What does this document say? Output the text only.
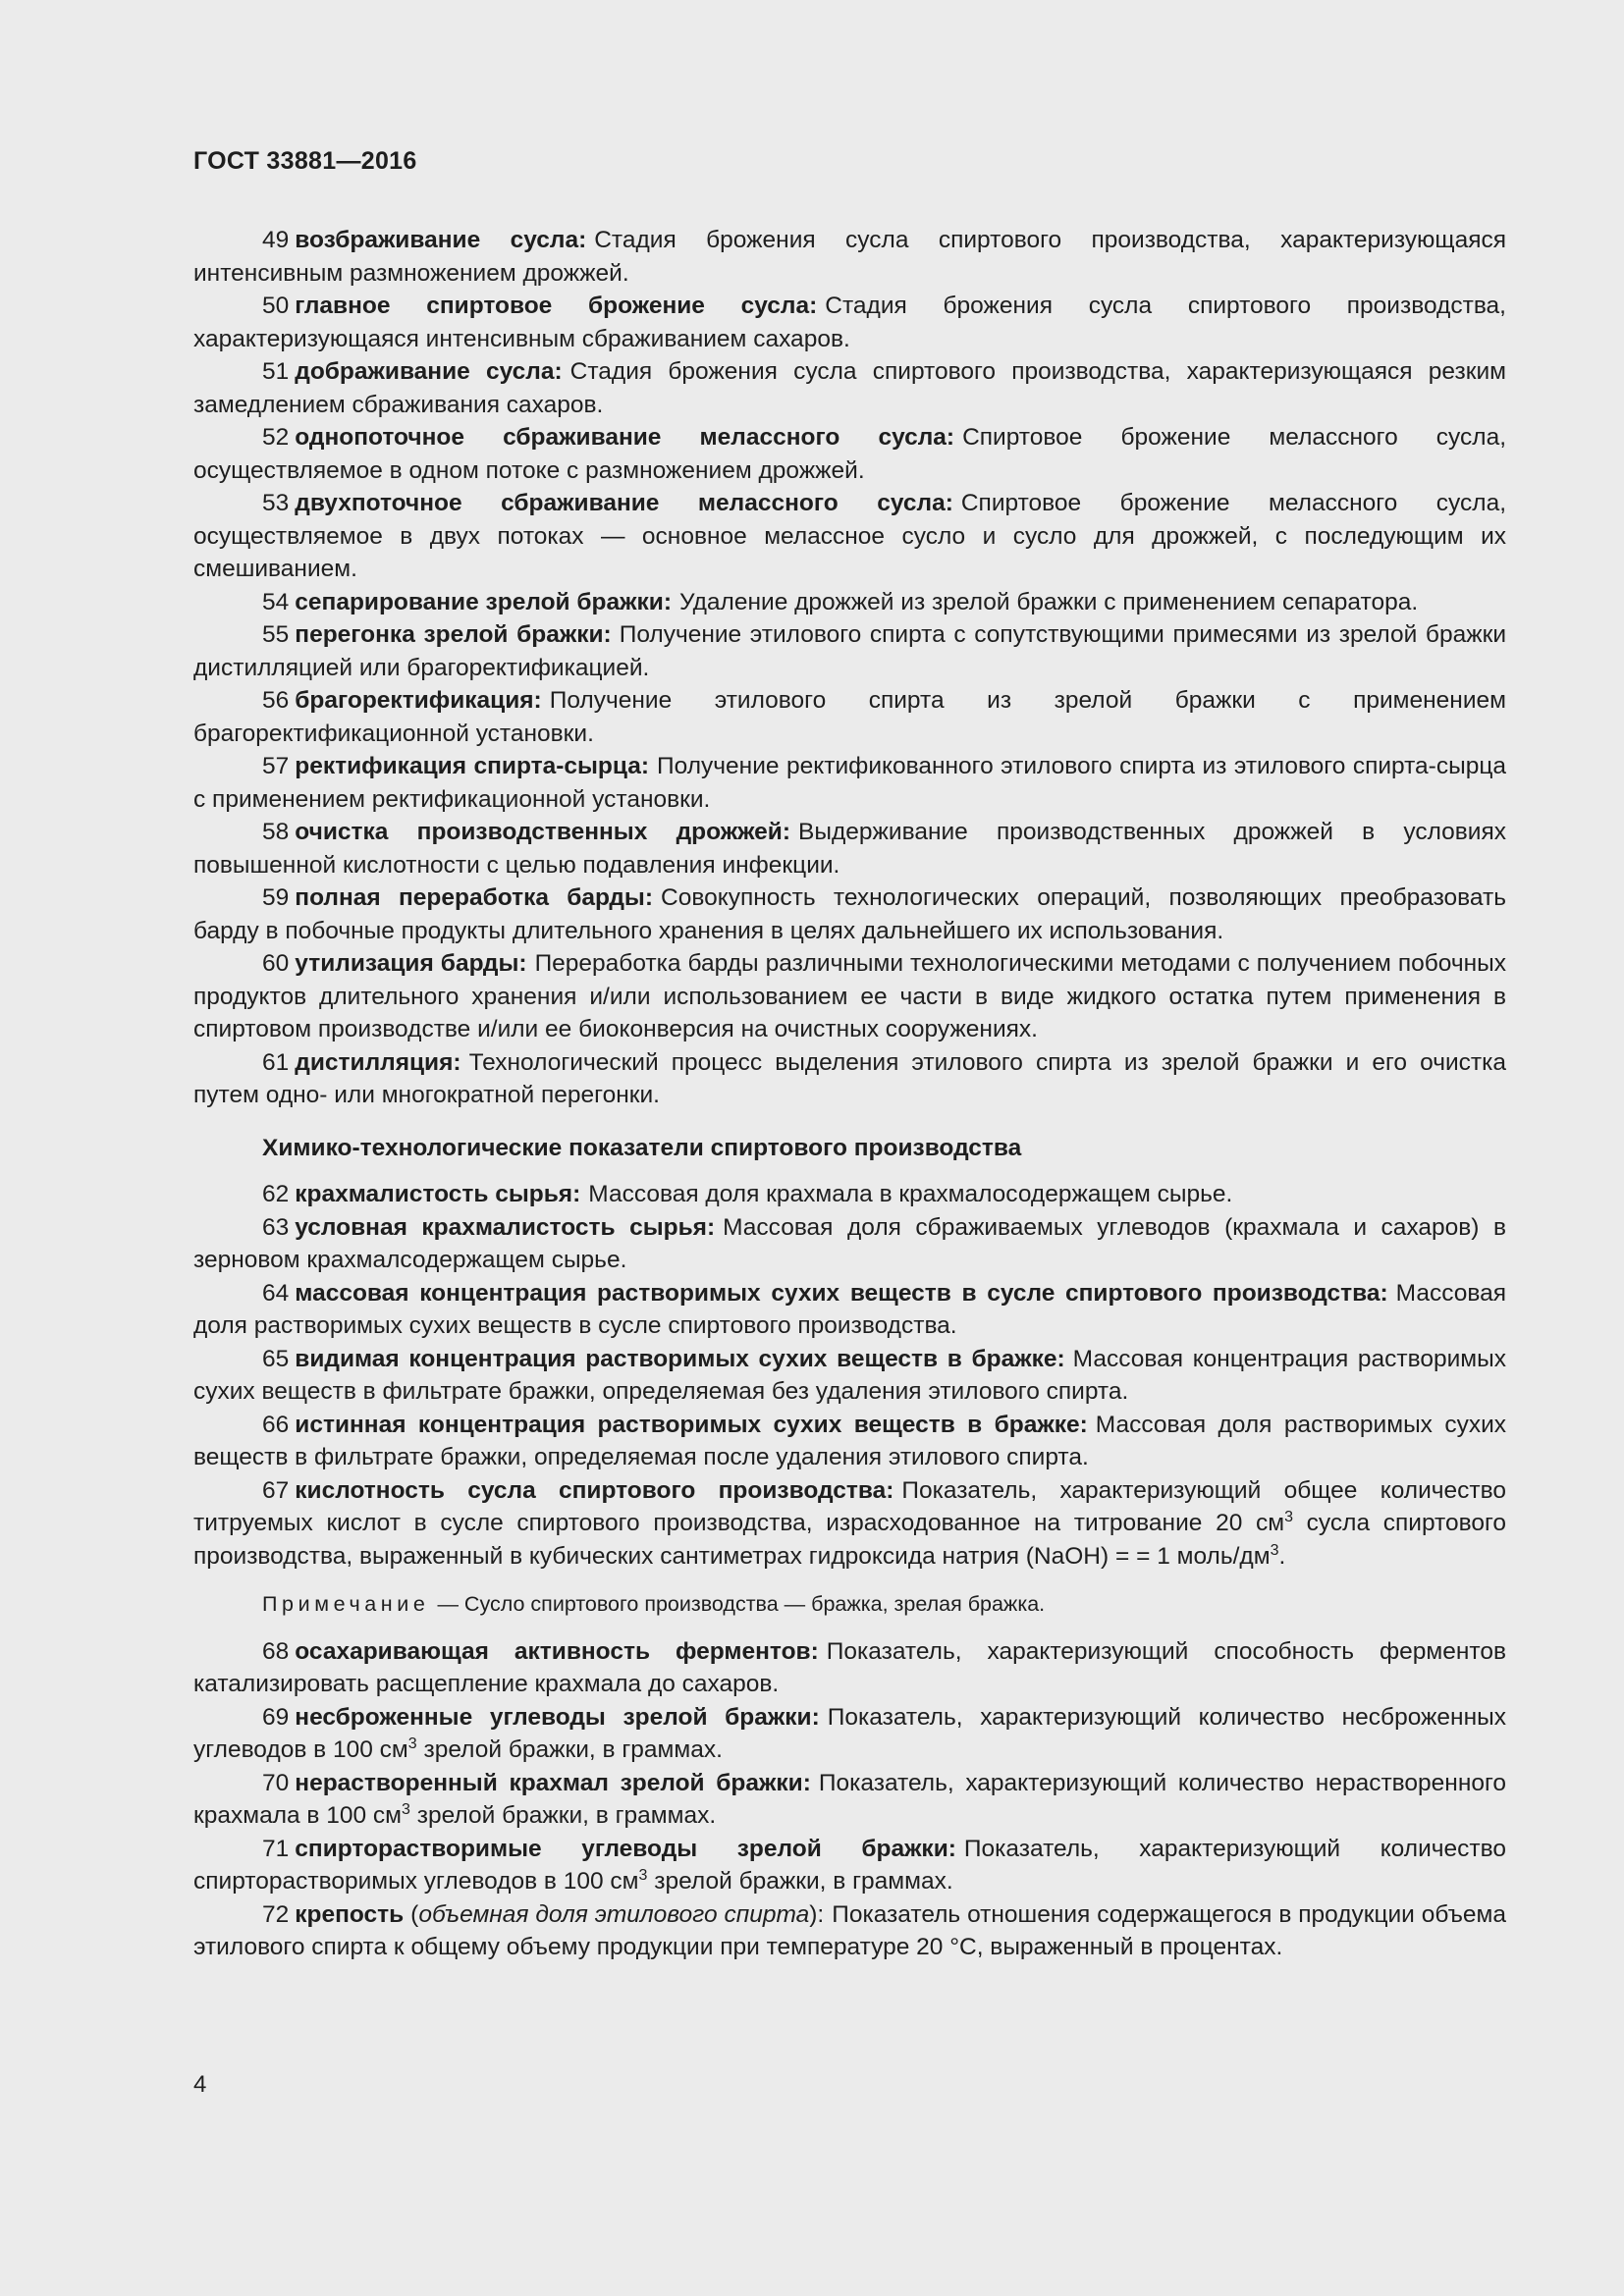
ГОСТ 33881—2016

49 возбраживание сусла: Стадия брожения сусла спиртового производства, характеризующаяся интенсивным размножением дрожжей.

50 главное спиртовое брожение сусла: Стадия брожения сусла спиртового производства, характеризующаяся интенсивным сбраживанием сахаров.

51 дображивание сусла: Стадия брожения сусла спиртового производства, характеризующаяся резким замедлением сбраживания сахаров.

52 однопоточное сбраживание мелассного сусла: Спиртовое брожение мелассного сусла, осуществляемое в одном потоке с размножением дрожжей.

53 двухпоточное сбраживание мелассного сусла: Спиртовое брожение мелассного сусла, осуществляемое в двух потоках — основное мелассное сусло и сусло для дрожжей, с последующим их смешиванием.

54 сепарирование зрелой бражки: Удаление дрожжей из зрелой бражки с применением сепаратора.

55 перегонка зрелой бражки: Получение этилового спирта с сопутствующими примесями из зрелой бражки дистилляцией или брагоректификацией.

56 брагоректификация: Получение этилового спирта из зрелой бражки с применением брагоректификационной установки.

57 ректификация спирта-сырца: Получение ректификованного этилового спирта из этилового спирта-сырца с применением ректификационной установки.

58 очистка производственных дрожжей: Выдерживание производственных дрожжей в условиях повышенной кислотности с целью подавления инфекции.

59 полная переработка барды: Совокупность технологических операций, позволяющих преобразовать барду в побочные продукты длительного хранения в целях дальнейшего их использования.

60 утилизация барды: Переработка барды различными технологическими методами с получением побочных продуктов длительного хранения и/или использованием ее части в виде жидкого остатка путем применения в спиртовом производстве и/или ее биоконверсия на очистных сооружениях.

61 дистилляция: Технологический процесс выделения этилового спирта из зрелой бражки и его очистка путем одно- или многократной перегонки.

Химико-технологические показатели спиртового производства

62 крахмалистость сырья: Массовая доля крахмала в крахмалосодержащем сырье.

63 условная крахмалистость сырья: Массовая доля сбраживаемых углеводов (крахмала и сахаров) в зерновом крахмалсодержащем сырье.

64 массовая концентрация растворимых сухих веществ в сусле спиртового производства: Массовая доля растворимых сухих веществ в сусле спиртового производства.

65 видимая концентрация растворимых сухих веществ в бражке: Массовая концентрация растворимых сухих веществ в фильтрате бражки, определяемая без удаления этилового спирта.

66 истинная концентрация растворимых сухих веществ в бражке: Массовая доля растворимых сухих веществ в фильтрате бражки, определяемая после удаления этилового спирта.

67 кислотность сусла спиртового производства: Показатель, характеризующий общее количество титруемых кислот в сусле спиртового производства, израсходованное на титрование 20 $см^3$ сусла спиртового производства, выраженный в кубических сантиметрах гидроксида натрия (NaOH) = = 1 моль/$дм^3$.

Примечание — Сусло спиртового производства — бражка, зрелая бражка.

68 осахаривающая активность ферментов: Показатель, характеризующий способность ферментов катализировать расщепление крахмала до сахаров.

69 несброженные углеводы зрелой бражки: Показатель, характеризующий количество несброженных углеводов в 100 $см^3$ зрелой бражки, в граммах.

70 нерастворенный крахмал зрелой бражки: Показатель, характеризующий количество нерастворенного крахмала в 100 $см^3$ зрелой бражки, в граммах.

71 спирторастворимые углеводы зрелой бражки: Показатель, характеризующий количество спирторастворимых углеводов в 100 $см^3$ зрелой бражки, в граммах.

72 крепость (объемная доля этилового спирта): Показатель отношения содержащегося в продукции объема этилового спирта к общему объему продукции при температуре 20 °С, выраженный в процентах.

4
